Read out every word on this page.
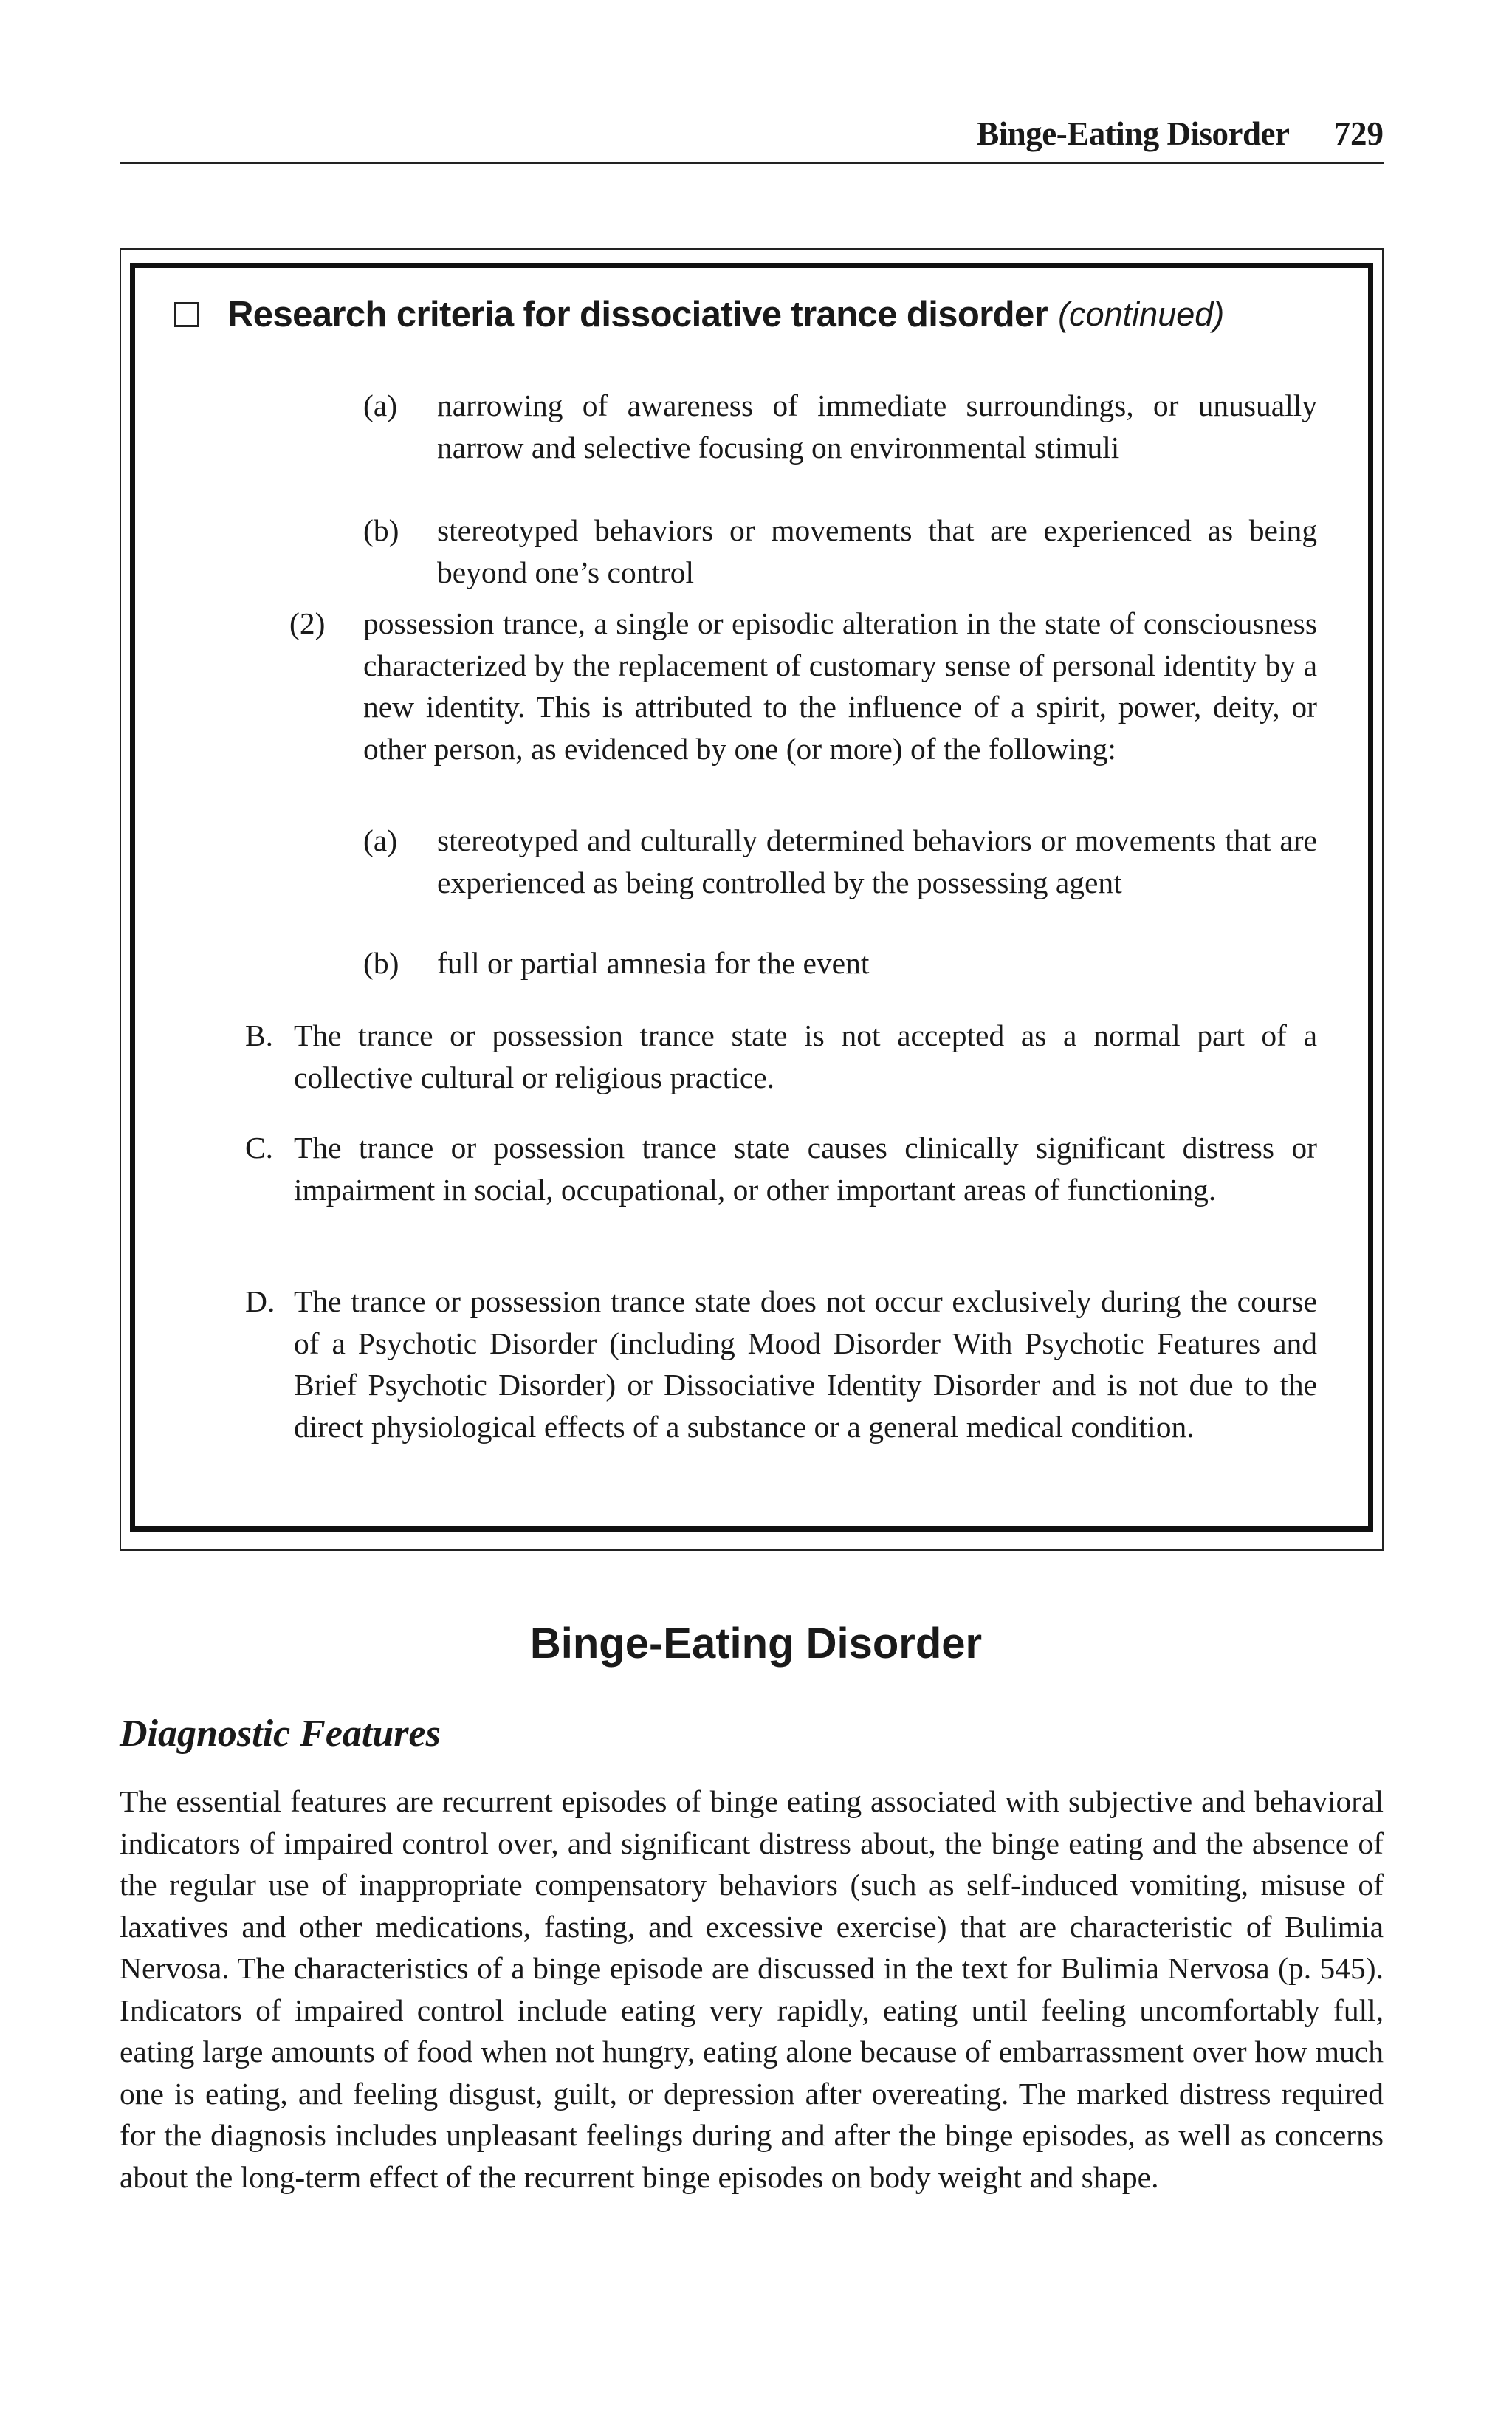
Binge-Eating Disorder 729
Research criteria for dissociative trance disorder (continued)
(a) narrowing of awareness of immediate surroundings, or unusually narrow and selective focusing on environmental stimuli

(b) stereotyped behaviors or movements that are experienced as being beyond one’s control

(2) possession trance, a single or episodic alteration in the state of consciousness characterized by the replacement of customary sense of personal identity by a new identity. This is attributed to the influence of a spirit, power, deity, or other person, as evidenced by one (or more) of the following:

(a) stereotyped and culturally determined behaviors or movements that are experienced as being controlled by the possessing agent

(b) full or partial amnesia for the event

B. The trance or possession trance state is not accepted as a normal part of a collective cultural or religious practice.

C. The trance or possession trance state causes clinically significant distress or impairment in social, occupational, or other important areas of functioning.

D. The trance or possession trance state does not occur exclusively during the course of a Psychotic Disorder (including Mood Disorder With Psychotic Features and Brief Psychotic Disorder) or Dissociative Identity Disorder and is not due to the direct physiological effects of a substance or a general medical condition.

Binge-Eating Disorder
Diagnostic Features

The essential features are recurrent episodes of binge eating associated with subjective and behavioral indicators of impaired control over, and significant distress about, the binge eating and the absence of the regular use of inappropriate compensatory behaviors (such as self-induced vomiting, misuse of laxatives and other medications, fasting, and excessive exercise) that are characteristic of Bulimia Nervosa. The characteristics of a binge episode are discussed in the text for Bulimia Nervosa (p. 545). Indicators of impaired control include eating very rapidly, eating until feeling uncomfortably full, eating large amounts of food when not hungry, eating alone because of embarrassment over how much one is eating, and feeling disgust, guilt, or depression after overeating. The marked distress required for the diagnosis includes unpleasant feelings during and after the binge episodes, as well as concerns about the long-term effect of the recurrent binge episodes on body weight and shape.
